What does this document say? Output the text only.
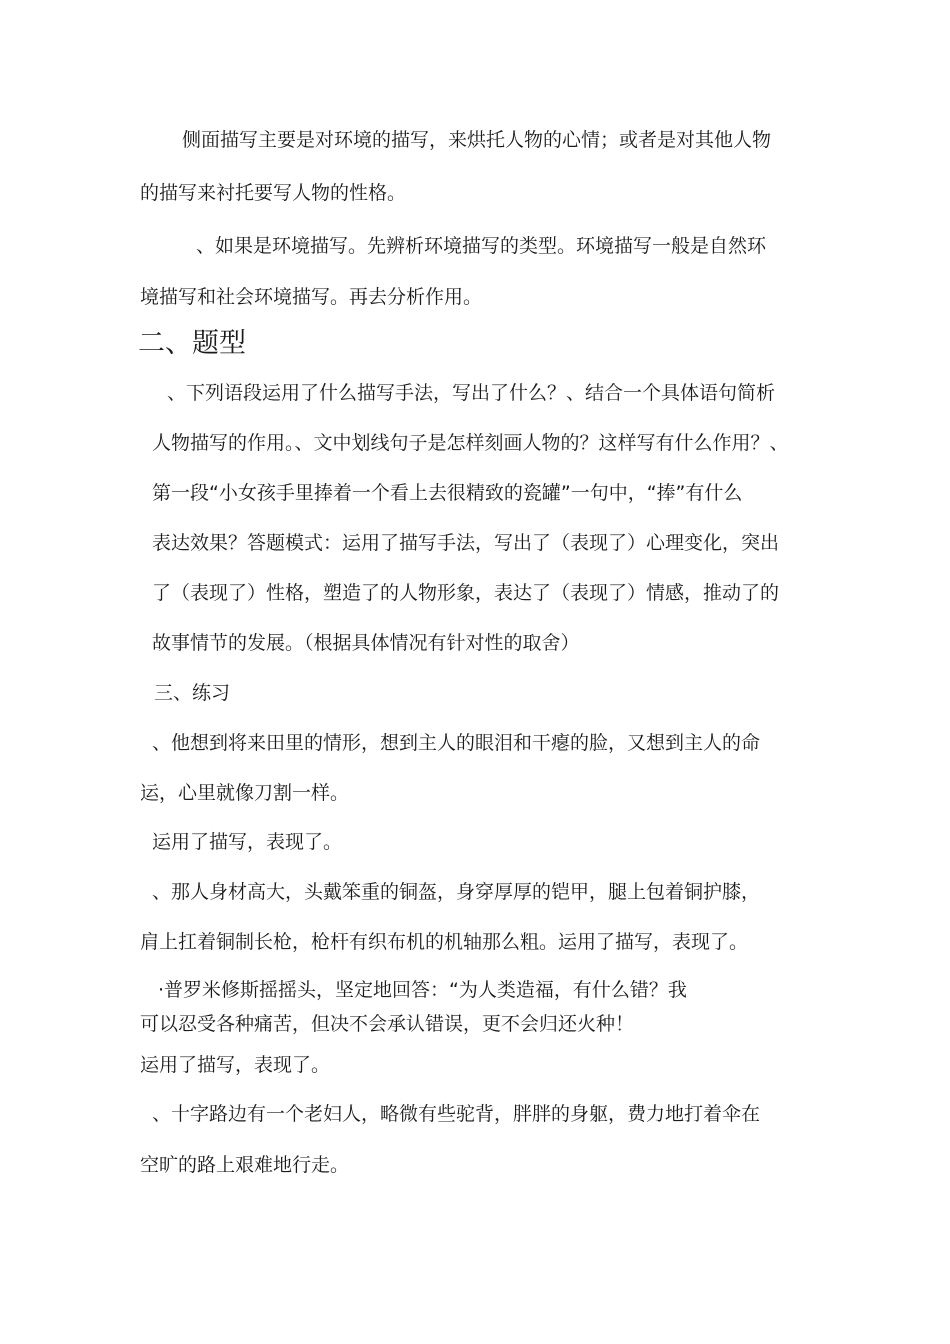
侧面描写主要是对环境的描写，来烘托人物的心情；或者是对其他人物
的描写来衬托要写人物的性格。
、如果是环境描写。先辨析环境描写的类型。环境描写一般是自然环
境描写和社会环境描写。再去分析作用。
二、题型
、下列语段运用了什么描写手法，写出了什么？、结合一个具体语句简析
人物描写的作用。、文中划线句子是怎样刻画人物的？这样写有什么作用？、
第一段“小女孩手里捧着一个看上去很精致的瓷罐”一句中，“捧”有什么
表达效果？答题模式：运用了描写手法，写出了（表现了）心理变化，突出
了（表现了）性格，塑造了的人物形象，表达了（表现了）情感，推动了的
故事情节的发展。（根据具体情况有针对性的取舍）
三、练习
、他想到将来田里的情形，想到主人的眼泪和干瘪的脸，又想到主人的命
运，心里就像刀割一样。
运用了描写，表现了。
、那人身材高大，头戴笨重的铜盔，身穿厚厚的铠甲，腿上包着铜护膝，
肩上扛着铜制长枪，枪杆有织布机的机轴那么粗。运用了描写，表现了。
·普罗米修斯摇摇头，坚定地回答：“为人类造福，有什么错？我
可以忍受各种痛苦，但决不会承认错误，更不会归还火种！
运用了描写，表现了。
、十字路边有一个老妇人，略微有些驼背，胖胖的身躯，费力地打着伞在
空旷的路上艰难地行走。
